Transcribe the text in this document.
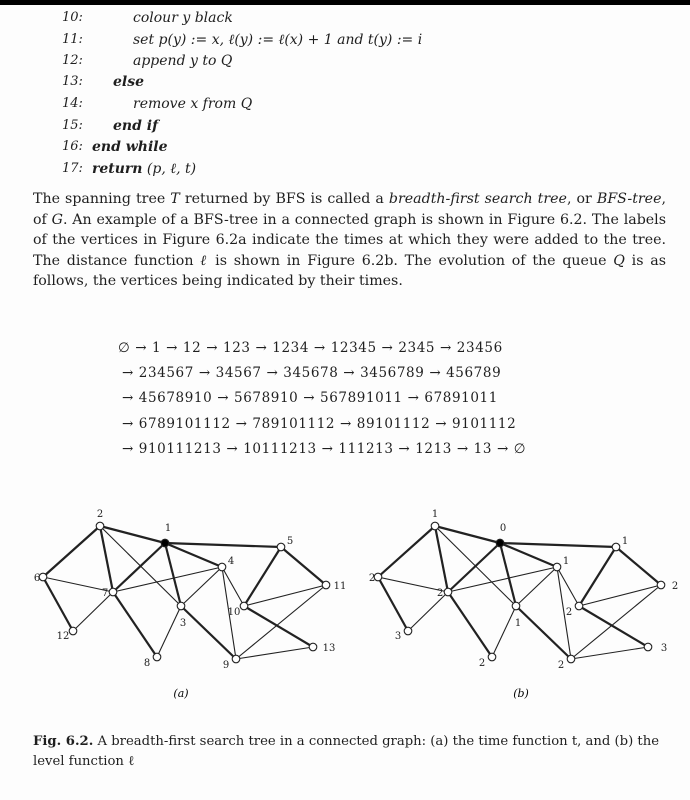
10:	colour y black
11:	set p(y) := x, ℓ(y) := ℓ(x) + 1 and t(y) := i
12:	append y to Q
13:	else
14:	remove x from Q
15:	end if
16: end while
17: return (p, ℓ, t)
The spanning tree T returned by BFS is called a breadth-first search tree, or BFS-tree, of G. An example of a BFS-tree in a connected graph is shown in Figure 6.2. The labels of the vertices in Figure 6.2a indicate the times at which they were added to the tree. The distance function ℓ is shown in Figure 6.2b. The evolution of the queue Q is as follows, the vertices being indicated by their times.
∅ → 1 → 12 → 123 → 1234 → 12345 → 2345 → 23456
→ 234567 → 34567 → 345678 → 3456789 → 456789
→ 45678910 → 5678910 → 567891011 → 67891011
→ 6789101112 → 789101112 → 89101112 → 9101112
→ 910111213 → 10111213 → 111213 → 1213 → 13 → ∅
1
2
6
7
12
8
3
4
5
10
11
9
13
0
1
2
2
3
2
1
1
1
2
2
2
3
(a)	(b)
Fig. 6.2. A breadth-first search tree in a connected graph: (a) the time function t, and (b) the level function ℓ
